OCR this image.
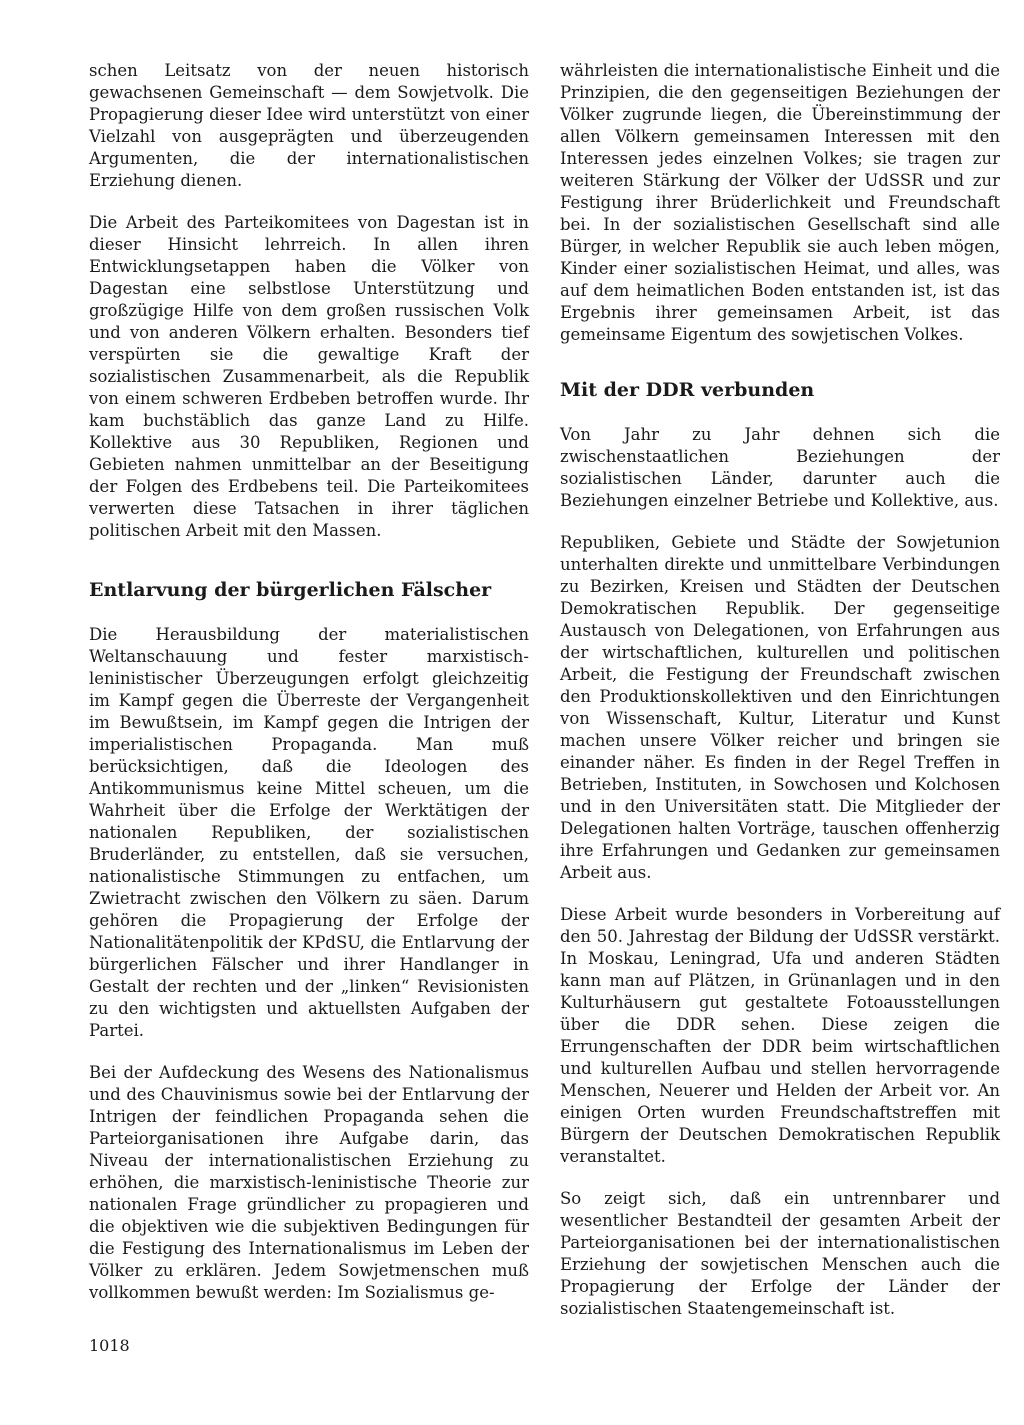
schen Leitsatz von der neuen historisch gewachsenen Gemeinschaft — dem Sowjetvolk. Die Propagierung dieser Idee wird unterstützt von einer Vielzahl von ausgeprägten und überzeugenden Argumenten, die der internationalistischen Erziehung dienen.

Die Arbeit des Parteikomitees von Dagestan ist in dieser Hinsicht lehrreich. In allen ihren Entwicklungsetappen haben die Völker von Dagestan eine selbstlose Unterstützung und großzügige Hilfe von dem großen russischen Volk und von anderen Völkern erhalten. Besonders tief verspürten sie die gewaltige Kraft der sozialistischen Zusammenarbeit, als die Republik von einem schweren Erdbeben betroffen wurde. Ihr kam buchstäblich das ganze Land zu Hilfe. Kollektive aus 30 Republiken, Regionen und Gebieten nahmen unmittelbar an der Beseitigung der Folgen des Erdbebens teil. Die Parteikomitees verwerten diese Tatsachen in ihrer täglichen politischen Arbeit mit den Massen.

Entlarvung der bürgerlichen Fälscher

Die Herausbildung der materialistischen Weltanschauung und fester marxistisch-leninistischer Überzeugungen erfolgt gleichzeitig im Kampf gegen die Überreste der Vergangenheit im Bewußtsein, im Kampf gegen die Intrigen der imperialistischen Propaganda. Man muß berücksichtigen, daß die Ideologen des Antikommunismus keine Mittel scheuen, um die Wahrheit über die Erfolge der Werktätigen der nationalen Republiken, der sozialistischen Bruderländer, zu entstellen, daß sie versuchen, nationalistische Stimmungen zu entfachen, um Zwietracht zwischen den Völkern zu säen. Darum gehören die Propagierung der Erfolge der Nationalitätenpolitik der KPdSU, die Entlarvung der bürgerlichen Fälscher und ihrer Handlanger in Gestalt der rechten und der „linken“ Revisionisten zu den wichtigsten und aktuellsten Aufgaben der Partei.

Bei der Aufdeckung des Wesens des Nationalismus und des Chauvinismus sowie bei der Entlarvung der Intrigen der feindlichen Propaganda sehen die Parteiorganisationen ihre Aufgabe darin, das Niveau der internationalistischen Erziehung zu erhöhen, die marxistisch-leninistische Theorie zur nationalen Frage gründlicher zu propagieren und die objektiven wie die subjektiven Bedingungen für die Festigung des Internationalismus im Leben der Völker zu erklären. Jedem Sowjetmenschen muß vollkommen bewußt werden: Im Sozialismus ge-

währleisten die internationalistische Einheit und die Prinzipien, die den gegenseitigen Beziehungen der Völker zugrunde liegen, die Übereinstimmung der allen Völkern gemeinsamen Interessen mit den Interessen jedes einzelnen Volkes; sie tragen zur weiteren Stärkung der Völker der UdSSR und zur Festigung ihrer Brüderlichkeit und Freundschaft bei. In der sozialistischen Gesellschaft sind alle Bürger, in welcher Republik sie auch leben mögen, Kinder einer sozialistischen Heimat, und alles, was auf dem heimatlichen Boden entstanden ist, ist das Ergebnis ihrer gemeinsamen Arbeit, ist das gemeinsame Eigentum des sowjetischen Volkes.

Mit der DDR verbunden

Von Jahr zu Jahr dehnen sich die zwischenstaatlichen Beziehungen der sozialistischen Länder, darunter auch die Beziehungen einzelner Betriebe und Kollektive, aus.

Republiken, Gebiete und Städte der Sowjetunion unterhalten direkte und unmittelbare Verbindungen zu Bezirken, Kreisen und Städten der Deutschen Demokratischen Republik. Der gegenseitige Austausch von Delegationen, von Erfahrungen aus der wirtschaftlichen, kulturellen und politischen Arbeit, die Festigung der Freundschaft zwischen den Produktionskollektiven und den Einrichtungen von Wissenschaft, Kultur, Literatur und Kunst machen unsere Völker reicher und bringen sie einander näher. Es finden in der Regel Treffen in Betrieben, Instituten, in Sowchosen und Kolchosen und in den Universitäten statt. Die Mitglieder der Delegationen halten Vorträge, tauschen offenherzig ihre Erfahrungen und Gedanken zur gemeinsamen Arbeit aus.

Diese Arbeit wurde besonders in Vorbereitung auf den 50. Jahrestag der Bildung der UdSSR verstärkt. In Moskau, Leningrad, Ufa und anderen Städten kann man auf Plätzen, in Grünanlagen und in den Kulturhäusern gut gestaltete Fotoausstellungen über die DDR sehen. Diese zeigen die Errungenschaften der DDR beim wirtschaftlichen und kulturellen Aufbau und stellen hervorragende Menschen, Neuerer und Helden der Arbeit vor. An einigen Orten wurden Freundschaftstreffen mit Bürgern der Deutschen Demokratischen Republik veranstaltet.

So zeigt sich, daß ein untrennbarer und wesentlicher Bestandteil der gesamten Arbeit der Parteiorganisationen bei der internationalistischen Erziehung der sowjetischen Menschen auch die Propagierung der Erfolge der Länder der sozialistischen Staatengemeinschaft ist.

1018
